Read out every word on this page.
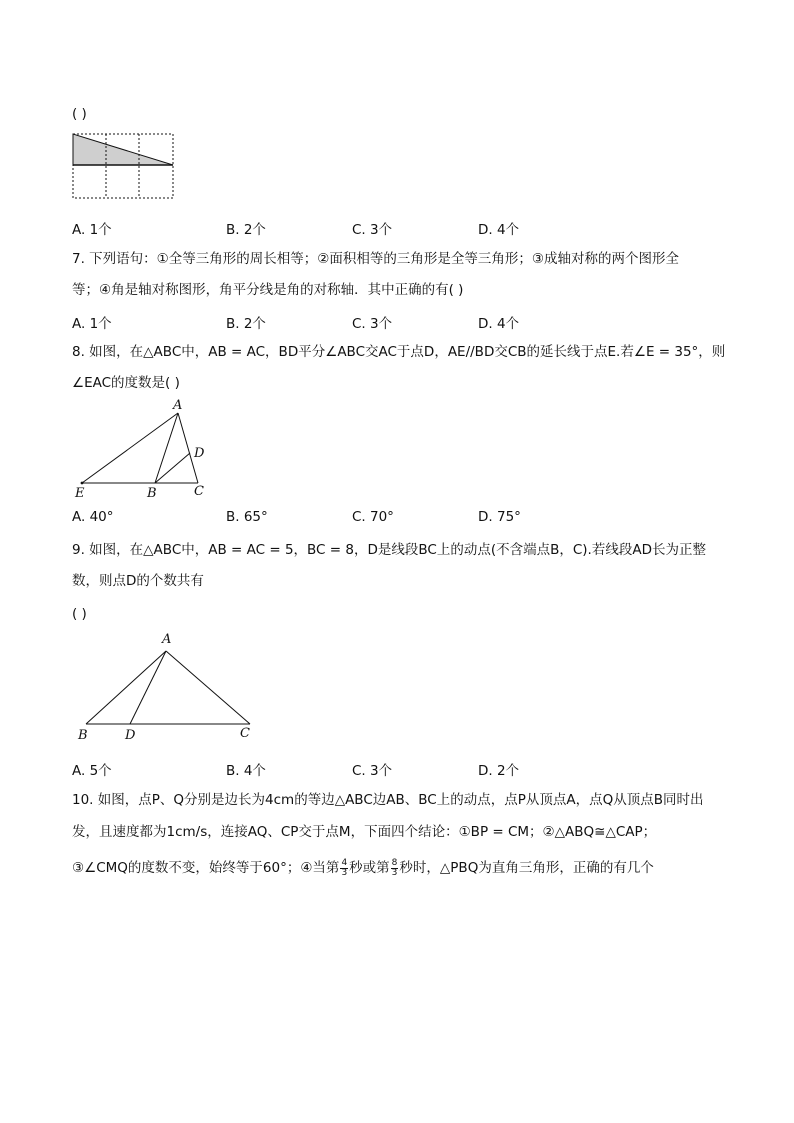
( )
A. 1个	B. 2个	C. 3个	D. 4个
7. 下列语句：①全等三角形的周长相等；②面积相等的三角形是全等三角形；③成轴对称的两个图形全
等；④角是轴对称图形，角平分线是角的对称轴．其中正确的有( )
A. 1个	B. 2个	C. 3个	D. 4个
8. 如图，在△ABC中，AB = AC，BD平分∠ABC交AC于点D，AE//BD交CB的延长线于点E.若∠E = 35°，则
∠EAC的度数是( )
A
B	C
D
E
A. 40°	B. 65°	C. 70°	D. 75°
9. 如图，在△ABC中，AB = AC = 5，BC = 8，D是线段BC上的动点(不含端点B，C).若线段AD长为正整
数，则点D的个数共有
( )
A
B	D	C
A. 5个	B. 4个	C. 3个	D. 2个
10. 如图，点P、Q分别是边长为4cm的等边△ABC边AB、BC上的动点，点P从顶点A，点Q从顶点B同时出
发，且速度都为1cm/s，连接AQ、CP交于点M，下面四个结论：①BP = CM；②△ABQ≅△CAP；
③∠CMQ的度数不变，始终等于60°；④当第 4
3 秒或第 8
3 秒时，△PBQ为直角三角形，正确的有几个
